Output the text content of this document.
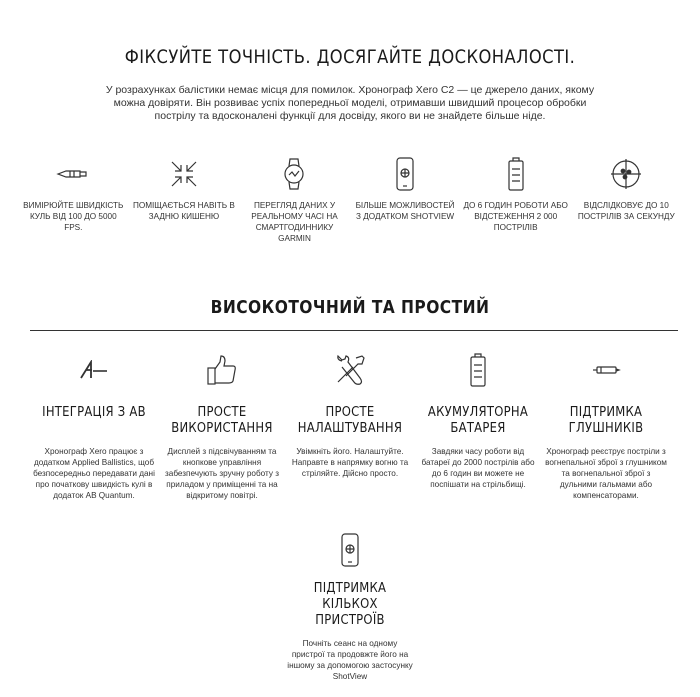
ФІКСУЙТЕ ТОЧНІСТЬ. ДОСЯГАЙТЕ ДОСКОНАЛОСТІ.

У розрахунках балістики немає місця для помилок. Хронограф Xero C2 — це джерело даних, якому можна довіряти. Він розвиває успіх попередньої моделі, отримавши швидший процесор обробки пострілу та вдосконалені функції для досвіду, якого ви не знайдете більше ніде.

ВИМІРЮЙТЕ ШВИДКІСТЬ КУЛЬ ВІД 100 ДО 5000 FPS.
ПОМІЩАЄТЬСЯ НАВІТЬ В ЗАДНЮ КИШЕНЮ
ПЕРЕГЛЯД ДАНИХ У РЕАЛЬНОМУ ЧАСІ НА СМАРТГОДИННИКУ GARMIN
БІЛЬШЕ МОЖЛИВОСТЕЙ З ДОДАТКОМ SHOTVIEW
ДО 6 ГОДИН РОБОТИ АБО ВІДСТЕЖЕННЯ 2 000 ПОСТРІЛІВ
ВІДСЛІДКОВУЄ ДО 10 ПОСТРІЛІВ ЗА СЕКУНДУ
ВИСОКОТОЧНИЙ ТА ПРОСТИЙ
ІНТЕГРАЦІЯ З AB
Хронограф Xero працює з додатком Applied Ballistics, щоб безпосередньо передавати дані про початкову швидкість кулі в додаток AB Quantum.
ПРОСТЕ ВИКОРИСТАННЯ
Дисплей з підсвічуванням та кнопкове управління забезпечують зручну роботу з приладом у приміщенні та на відкритому повітрі.
ПРОСТЕ НАЛАШТУВАННЯ
Увімкніть його. Налаштуйте. Направте в напрямку вогню та стріляйте. Дійсно просто.
АКУМУЛЯТОРНА БАТАРЕЯ
Завдяки часу роботи від батареї до 2000 пострілів або до 6 годин ви можете не поспішати на стрільбищі.
ПІДТРИМКА ГЛУШНИКІВ
Хронограф реєструє постріли з вогнепальної зброї з глушником та вогнепальної зброї з дульними гальмами або компенсаторами.
ПІДТРИМКА КІЛЬКОХ ПРИСТРОЇВ
Почніть сеанс на одному пристрої та продовжте його на іншому за допомогою застосунку ShotView
